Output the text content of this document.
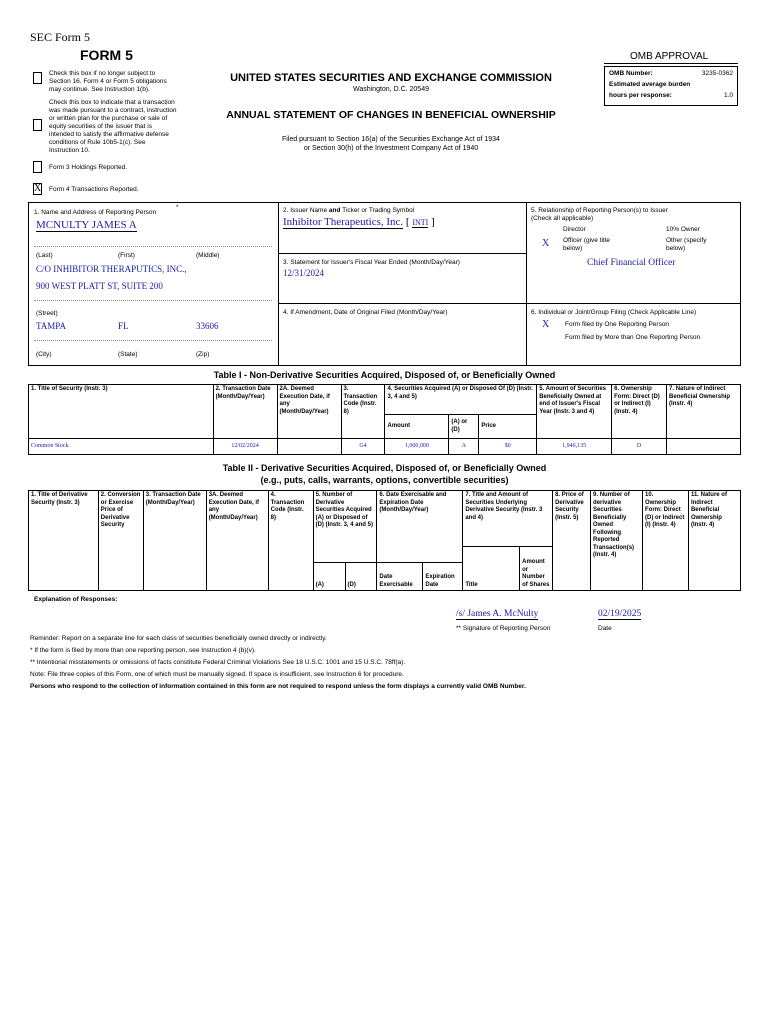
SEC Form 5
FORM 5	OMB APPROVAL
OMB Number:	3235-0362
Estimated average burden
hours per response:	1.0
Check this box if no longer subject to Section 16. Form 4 or Form 5 obligations may continue. See Instruction 1(b).
Check this box to indicate that a transaction was made pursuant to a contract, instruction or written plan for the purchase or sale of equity securities of the issuer that is intended to satisfy the affirmative defense conditions of Rule 10b5-1(c). See Instruction 10.
Form 3 Holdings Reported.
X Form 4 Transactions Reported.
UNITED STATES SECURITIES AND EXCHANGE COMMISSION
Washington, D.C. 20549
ANNUAL STATEMENT OF CHANGES IN BENEFICIAL OWNERSHIP
Filed pursuant to Section 16(a) of the Securities Exchange Act of 1934
or Section 30(h) of the Investment Company Act of 1940
1. Name and Address of Reporting Person
*
MCNULTY JAMES A
(Last)	(First)	(Middle)
C/O INHIBITOR THERAPUTICS, INC.,
900 WEST PLATT ST, SUITE 200
(Street)
TAMPA	FL	33606
(City)	(State)	(Zip)
2. Issuer Name and Ticker or Trading Symbol
Inhibitor Therapeutics, Inc. [ INTI ]
3. Statement for Issuer's Fiscal Year Ended (Month/Day/Year)
12/31/2024
4. If Amendment, Date of Original Filed (Month/Day/Year)
5. Relationship of Reporting Person(s) to Issuer
(Check all applicable)
Director	10% Owner
X Officer (give title below)
Other (specify below)
Chief Financial Officer
6. Individual or Joint/Group Filing (Check Applicable Line)
X Form filed by One Reporting Person
Form filed by More than One Reporting Person
Table I - Non-Derivative Securities Acquired, Disposed of, or Beneficially Owned
1. Title of Security (Instr. 3)	2. Transaction Date (Month/Day/Year)	2A. Deemed Execution Date, if any (Month/Day/Year)	3. Transaction Code (Instr. 8)	4. Securities Acquired (A) or Disposed Of (D) (Instr. 3, 4 and 5)			5. Amount of Securities Beneficially Owned at end of Issuer's Fiscal Year (Instr. 3 and 4)	6. Ownership Form: Direct (D) or Indirect (I) (Instr. 4)	7. Nature of Indirect Beneficial Ownership (Instr. 4)
				Amount	(A) or (D)	Price			
Common Stock	12/02/2024		G4	1,000,000	A	$0	1,946,135	D	
Table II - Derivative Securities Acquired, Disposed of, or Beneficially Owned
(e.g., puts, calls, warrants, options, convertible securities)
1. Title of Derivative Security (Instr. 3)	2. Conversion or Exercise Price of Derivative Security	3. Transaction Date (Month/Day/Year)	3A. Deemed Execution Date, if any (Month/Day/Year)	4. Transaction Code (Instr. 8)	5. Number of Derivative Securities Acquired (A) or Disposed of (D) (Instr. 3, 4 and 5)		6. Date Exercisable and Expiration Date (Month/Day/Year)		7. Title and Amount of Securities Underlying Derivative Security (Instr. 3 and 4)		8. Price of Derivative Security (Instr. 5)	9. Number of derivative Securities Beneficially Owned Following Reported Transaction(s) (Instr. 4)	10. Ownership Form: Direct (D) or Indirect (I) (Instr. 4)	11. Nature of Indirect Beneficial Ownership (Instr. 4)
									Title	Amount or Number of Shares				
					(A)	(D)	Date Exercisable	Expiration Date						
Explanation of Responses:
/s/ James A. McNulty	02/19/2025
** Signature of Reporting Person	Date
Reminder: Report on a separate line for each class of securities beneficially owned directly or indirectly.
* If the form is filed by more than one reporting person, see Instruction 4 (b)(v).
** Intentional misstatements or omissions of facts constitute Federal Criminal Violations See 18 U.S.C. 1001 and 15 U.S.C. 78ff(a).
Note: File three copies of this Form, one of which must be manually signed. If space is insufficient, see Instruction 6 for procedure.
Persons who respond to the collection of information contained in this form are not required to respond unless the form displays a currently valid OMB Number.
